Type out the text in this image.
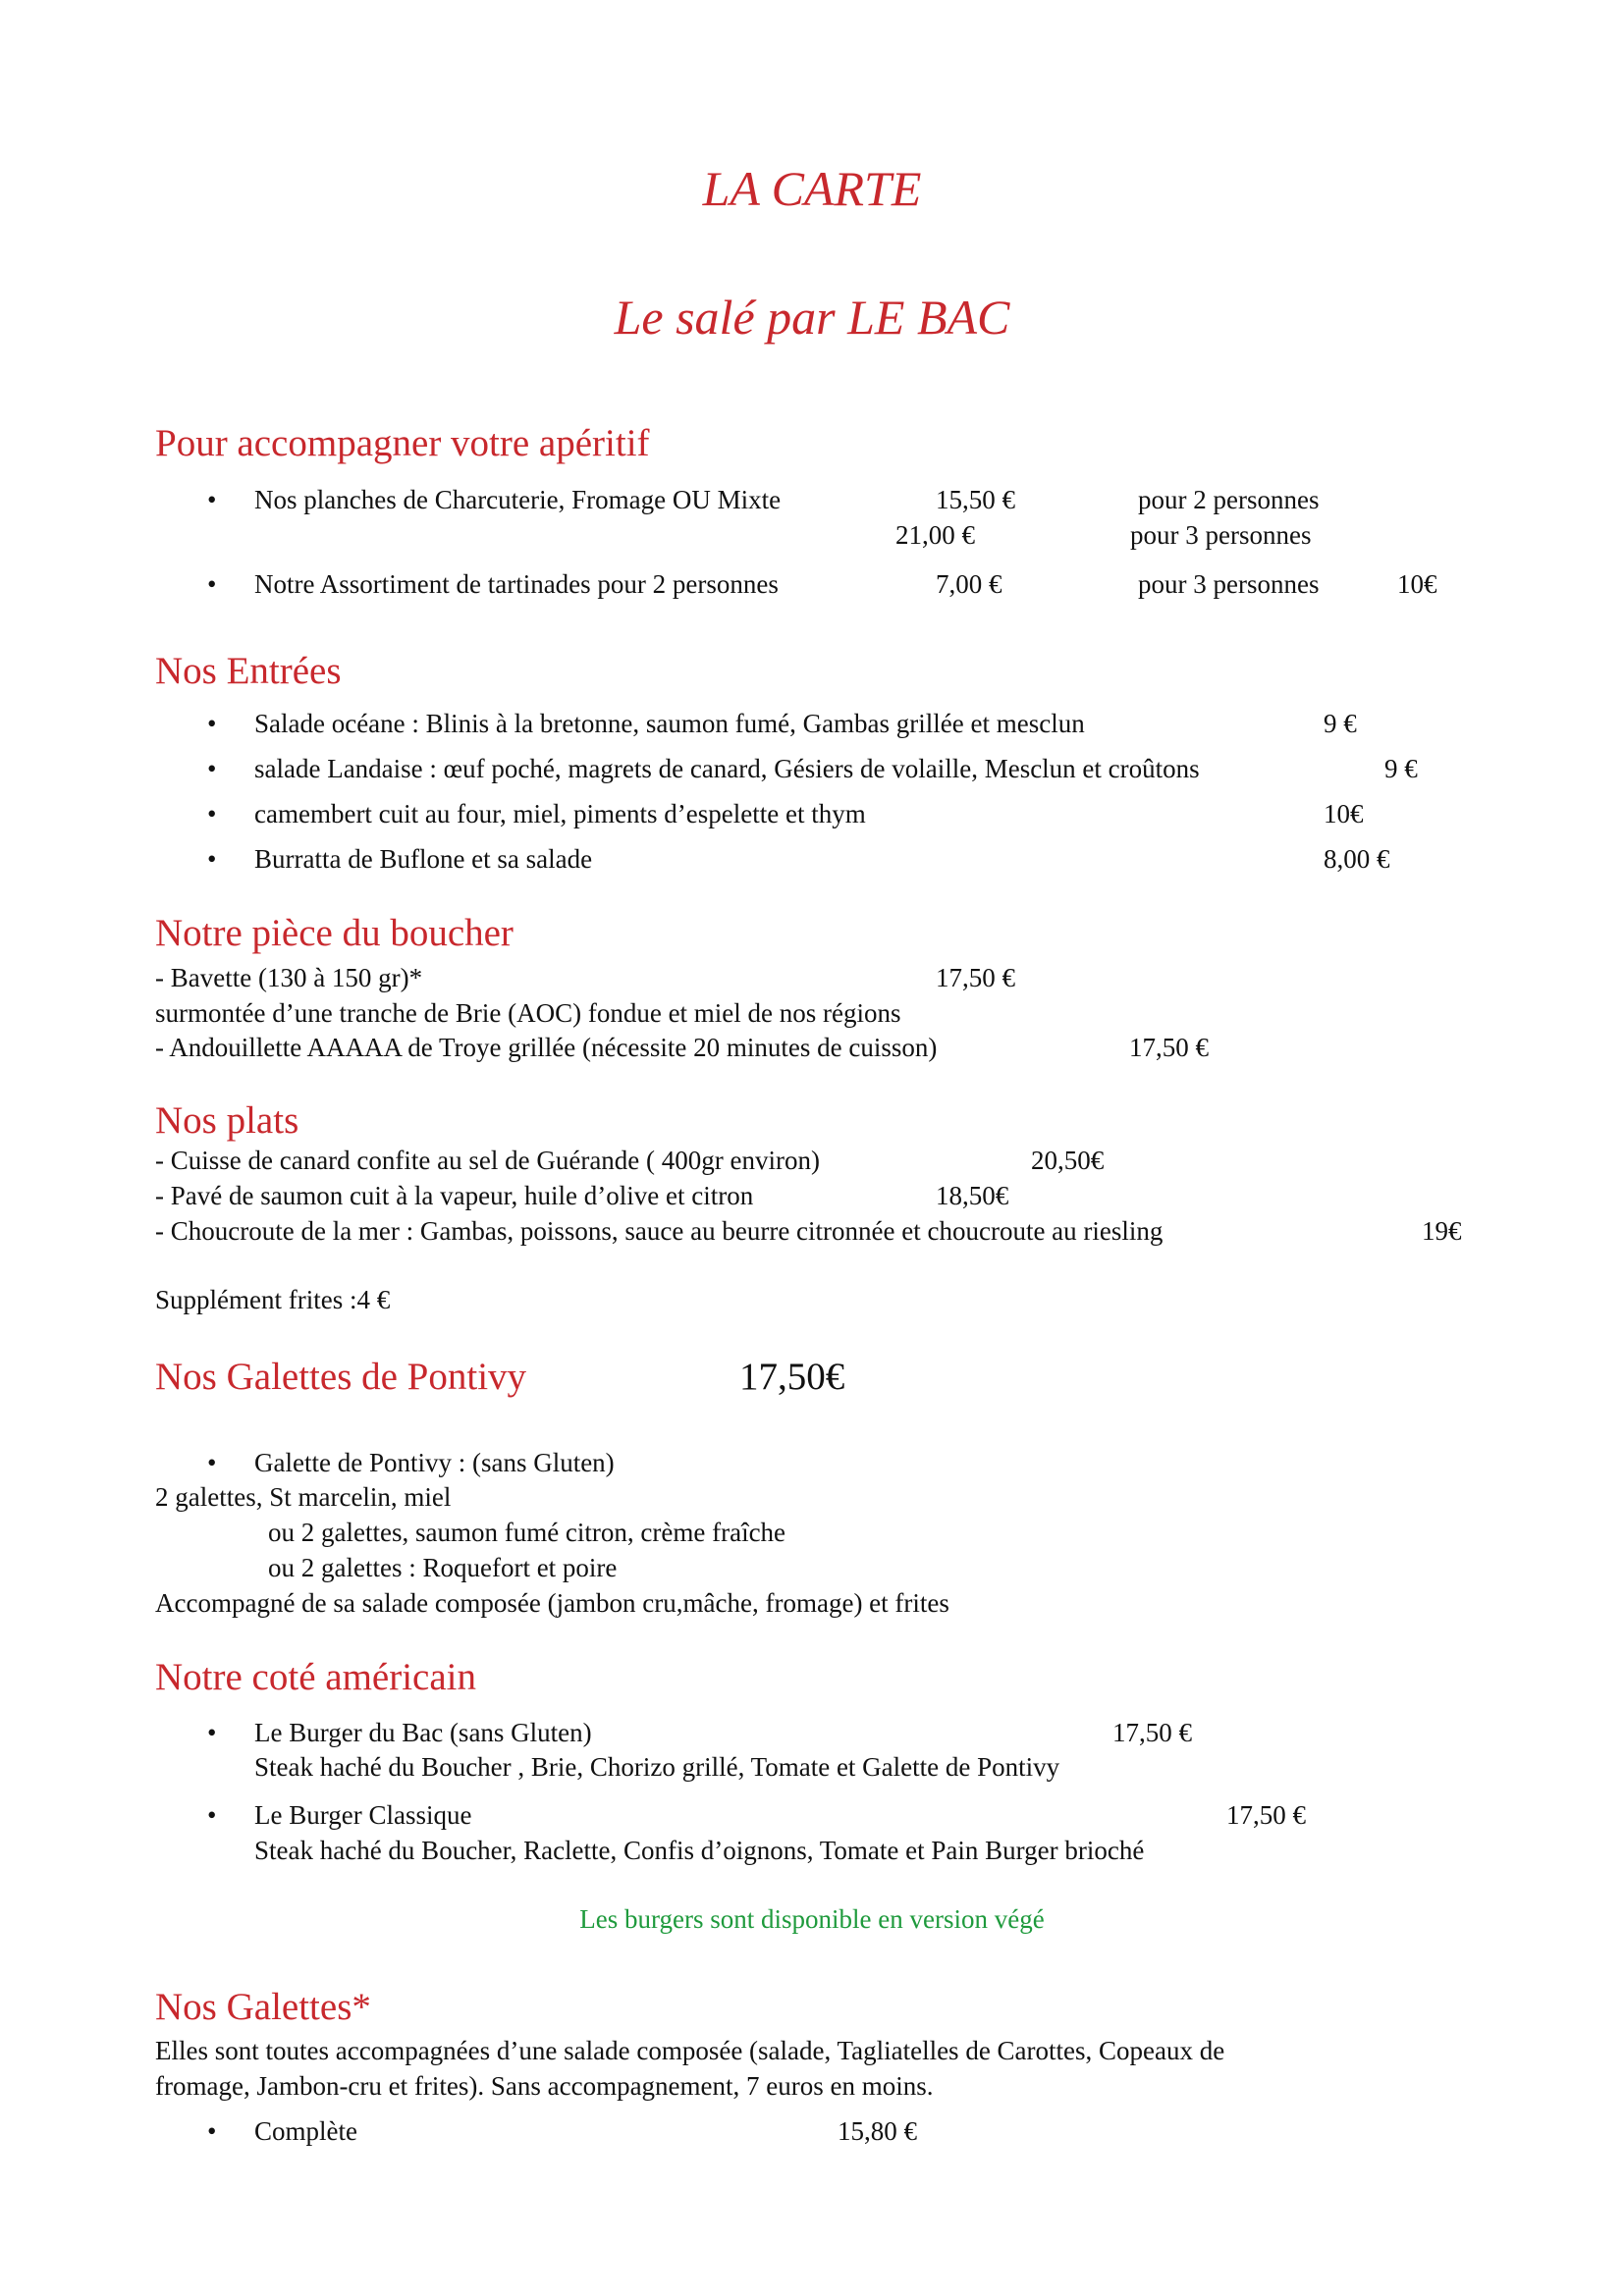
LA CARTE
Le salé par LE BAC
Pour accompagner votre apéritif
• Nos planches de Charcuterie, Fromage OU Mixte	15,50 €	pour 2 personnes
21,00 €	pour 3 personnes
• Notre Assortiment de tartinades pour 2 personnes	7,00 €	pour 3 personnes	10€
Nos Entrées
• Salade océane : Blinis à la bretonne, saumon fumé, Gambas grillée et mesclun	9 €
• salade Landaise : œuf poché, magrets de canard, Gésiers de volaille, Mesclun et croûtons	9 €
• camembert cuit au four, miel, piments d’espelette et thym	10€
• Burratta de Buflone et sa salade	8,00 €
Notre pièce du boucher
- Bavette (130 à 150 gr)*	17,50 €
surmontée d’une tranche de Brie (AOC) fondue et miel de nos régions
- Andouillette AAAAA de Troye grillée (nécessite 20 minutes de cuisson)	17,50 €
Nos plats
- Cuisse de canard confite au sel de Guérande ( 400gr environ)	20,50€
- Pavé de saumon cuit à la vapeur, huile d’olive et citron	18,50€
- Choucroute de la mer : Gambas, poissons, sauce au beurre citronnée et choucroute au riesling	19€
Supplément frites :4 €
Nos Galettes de Pontivy	17,50€
• Galette de Pontivy : (sans Gluten)
2 galettes, St marcelin, miel
ou 2 galettes, saumon fumé citron, crème fraîche
ou 2 galettes : Roquefort et poire
Accompagné de sa salade composée (jambon cru,mâche, fromage) et frites
Notre coté américain
• Le Burger du Bac (sans Gluten)	17,50 €
Steak haché du Boucher , Brie, Chorizo grillé, Tomate et Galette de Pontivy
• Le Burger Classique	17,50 €
Steak haché du Boucher, Raclette, Confis d’oignons, Tomate et Pain Burger brioché
Les burgers sont disponible en version végé
Nos Galettes*
Elles sont toutes accompagnées d’une salade composée (salade, Tagliatelles de Carottes, Copeaux de
fromage, Jambon-cru et frites). Sans accompagnement, 7 euros en moins.
• Complète	15,80 €
